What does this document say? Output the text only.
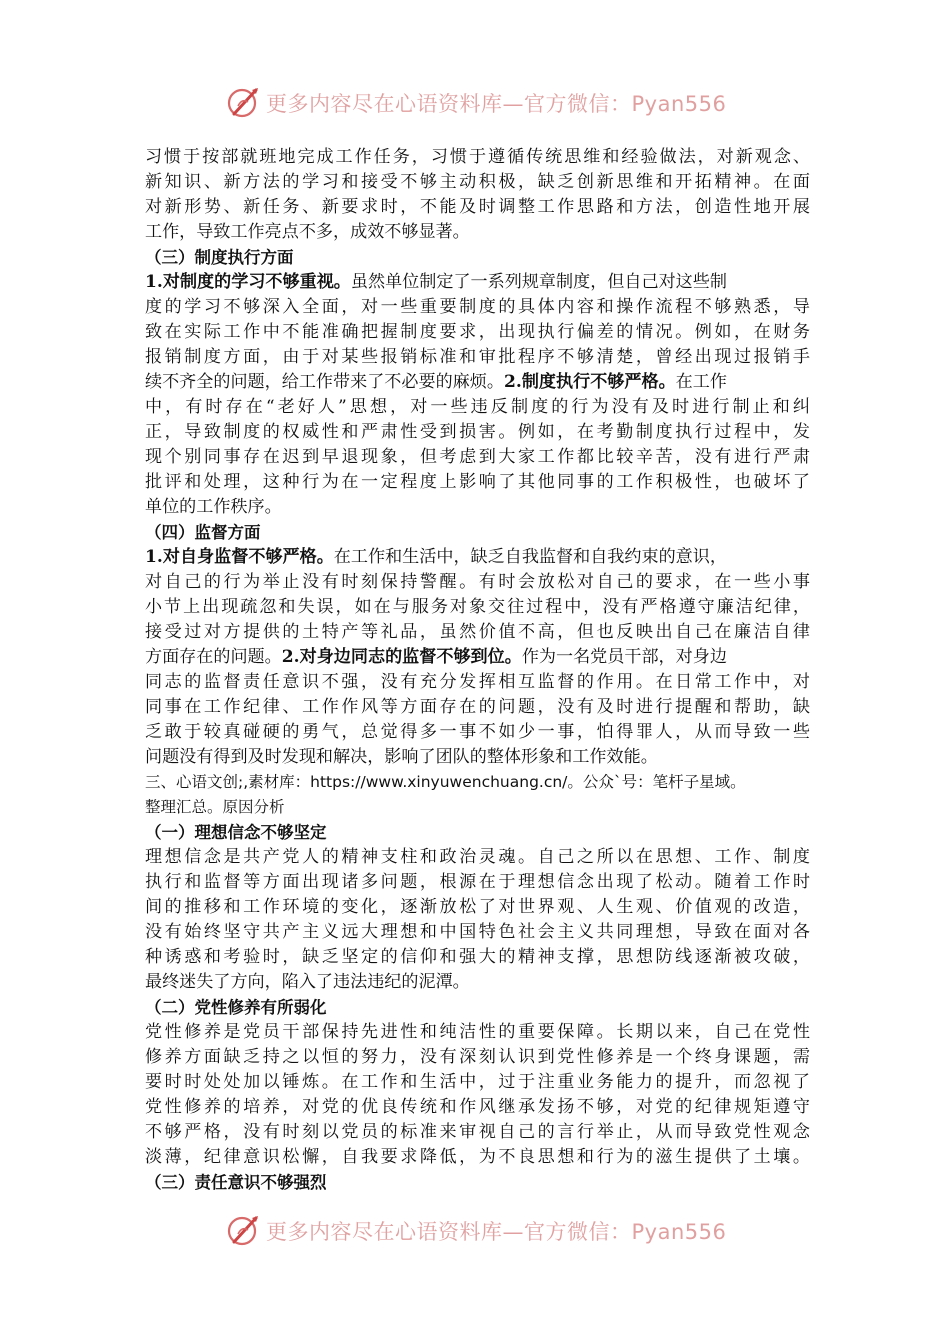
更多内容尽在心语资料库—官方微信：Pyan556
习惯于按部就班地完成工作任务，习惯于遵循传统思维和经验做法，对新观念、
新知识、新方法的学习和接受不够主动积极，缺乏创新思维和开拓精神。在面
对新形势、新任务、新要求时，不能及时调整工作思路和方法，创造性地开展
工作，导致工作亮点不多，成效不够显著。
（三）制度执行方面
1.对制度的学习不够重视。虽然单位制定了一系列规章制度，但自己对这些制
度的学习不够深入全面，对一些重要制度的具体内容和操作流程不够熟悉，导
致在实际工作中不能准确把握制度要求，出现执行偏差的情况。例如，在财务
报销制度方面，由于对某些报销标准和审批程序不够清楚，曾经出现过报销手
续不齐全的问题，给工作带来了不必要的麻烦。2.制度执行不够严格。在工作
中，有时存在“老好人”思想，对一些违反制度的行为没有及时进行制止和纠
正，导致制度的权威性和严肃性受到损害。例如，在考勤制度执行过程中，发
现个别同事存在迟到早退现象，但考虑到大家工作都比较辛苦，没有进行严肃
批评和处理，这种行为在一定程度上影响了其他同事的工作积极性，也破坏了
单位的工作秩序。
（四）监督方面
1.对自身监督不够严格。在工作和生活中，缺乏自我监督和自我约束的意识，
对自己的行为举止没有时刻保持警醒。有时会放松对自己的要求，在一些小事
小节上出现疏忽和失误，如在与服务对象交往过程中，没有严格遵守廉洁纪律，
接受过对方提供的土特产等礼品，虽然价值不高，但也反映出自己在廉洁自律
方面存在的问题。2.对身边同志的监督不够到位。作为一名党员干部，对身边
同志的监督责任意识不强，没有充分发挥相互监督的作用。在日常工作中，对
同事在工作纪律、工作作风等方面存在的问题，没有及时进行提醒和帮助，缺
乏敢于较真碰硬的勇气，总觉得多一事不如少一事，怕得罪人，从而导致一些
问题没有得到及时发现和解决，影响了团队的整体形象和工作效能。
三、心语文创;,素材库：https://www.xinyuwenchuang.cn/。公众`号：笔杆子星域。
整理汇总。原因分析
（一）理想信念不够坚定
理想信念是共产党人的精神支柱和政治灵魂。自己之所以在思想、工作、制度
执行和监督等方面出现诸多问题，根源在于理想信念出现了松动。随着工作时
间的推移和工作环境的变化，逐渐放松了对世界观、人生观、价值观的改造，
没有始终坚守共产主义远大理想和中国特色社会主义共同理想，导致在面对各
种诱惑和考验时，缺乏坚定的信仰和强大的精神支撑，思想防线逐渐被攻破，
最终迷失了方向，陷入了违法违纪的泥潭。
（二）党性修养有所弱化
党性修养是党员干部保持先进性和纯洁性的重要保障。长期以来，自己在党性
修养方面缺乏持之以恒的努力，没有深刻认识到党性修养是一个终身课题，需
要时时处处加以锤炼。在工作和生活中，过于注重业务能力的提升，而忽视了
党性修养的培养，对党的优良传统和作风继承发扬不够，对党的纪律规矩遵守
不够严格，没有时刻以党员的标准来审视自己的言行举止，从而导致党性观念
淡薄，纪律意识松懈，自我要求降低，为不良思想和行为的滋生提供了土壤。
（三）责任意识不够强烈
更多内容尽在心语资料库—官方微信：Pyan556
